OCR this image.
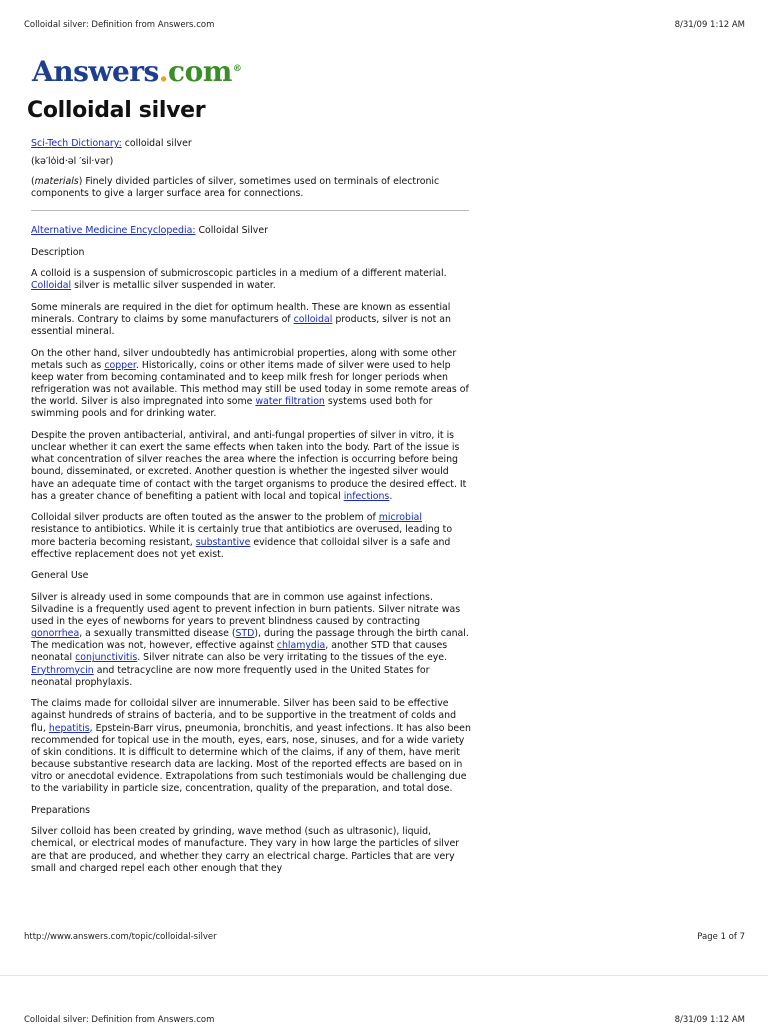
Colloidal silver: Definition from Answers.com	8/31/09 1:12 AM
Answers.com®
Colloidal silver

Sci-Tech Dictionary: colloidal silver

(kə′lȯid·əl ′sil·vər)

(materials) Finely divided particles of silver, sometimes used on terminals of electronic components to give a larger surface area for connections.

Alternative Medicine Encyclopedia: Colloidal Silver

Description

A colloid is a suspension of submicroscopic particles in a medium of a different material. Colloidal silver is metallic silver suspended in water.

Some minerals are required in the diet for optimum health. These are known as essential minerals. Contrary to claims by some manufacturers of colloidal products, silver is not an essential mineral.

On the other hand, silver undoubtedly has antimicrobial properties, along with some other metals such as copper. Historically, coins or other items made of silver were used to help keep water from becoming contaminated and to keep milk fresh for longer periods when refrigeration was not available. This method may still be used today in some remote areas of the world. Silver is also impregnated into some water filtration systems used both for swimming pools and for drinking water.

Despite the proven antibacterial, antiviral, and anti-fungal properties of silver in vitro, it is unclear whether it can exert the same effects when taken into the body. Part of the issue is what concentration of silver reaches the area where the infection is occurring before being bound, disseminated, or excreted. Another question is whether the ingested silver would have an adequate time of contact with the target organisms to produce the desired effect. It has a greater chance of benefiting a patient with local and topical infections.

Colloidal silver products are often touted as the answer to the problem of microbial resistance to antibiotics. While it is certainly true that antibiotics are overused, leading to more bacteria becoming resistant, substantive evidence that colloidal silver is a safe and effective replacement does not yet exist.

General Use

Silver is already used in some compounds that are in common use against infections. Silvadine is a frequently used agent to prevent infection in burn patients. Silver nitrate was used in the eyes of newborns for years to prevent blindness caused by contracting gonorrhea, a sexually transmitted disease (STD), during the passage through the birth canal. The medication was not, however, effective against chlamydia, another STD that causes neonatal conjunctivitis. Silver nitrate can also be very irritating to the tissues of the eye. Erythromycin and tetracycline are now more frequently used in the United States for neonatal prophylaxis.

The claims made for colloidal silver are innumerable. Silver has been said to be effective against hundreds of strains of bacteria, and to be supportive in the treatment of colds and flu, hepatitis, Epstein-Barr virus, pneumonia, bronchitis, and yeast infections. It has also been recommended for topical use in the mouth, eyes, ears, nose, sinuses, and for a wide variety of skin conditions. It is difficult to determine which of the claims, if any of them, have merit because substantive research data are lacking. Most of the reported effects are based on in vitro or anecdotal evidence. Extrapolations from such testimonials would be challenging due to the variability in particle size, concentration, quality of the preparation, and total dose.

Preparations

Silver colloid has been created by grinding, wave method (such as ultrasonic), liquid, chemical, or electrical modes of manufacture. They vary in how large the particles of silver are that are produced, and whether they carry an electrical charge. Particles that are very small and charged repel each other enough that they

http://www.answers.com/topic/colloidal-silver	Page 1 of 7
Colloidal silver: Definition from Answers.com	8/31/09 1:12 AM
